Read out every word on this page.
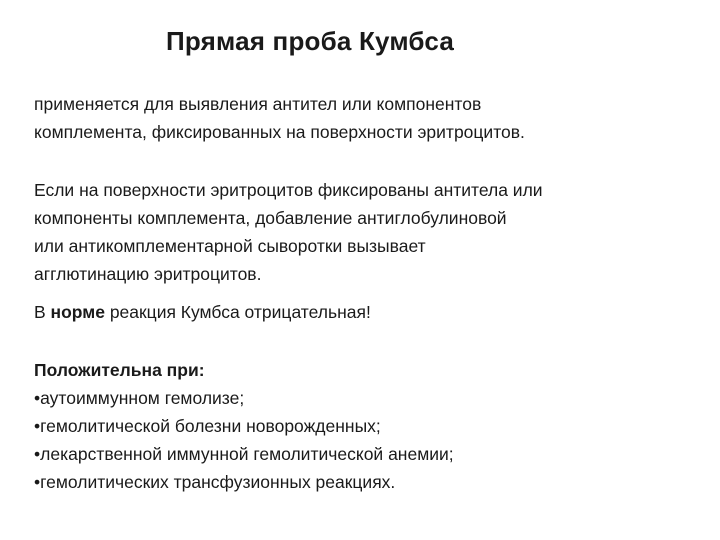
Прямая проба Кумбса
применяется для выявления антител или компонентов
комплемента, фиксированных на поверхности эритроцитов.
Если на поверхности эритроцитов фиксированы антитела или
компоненты комплемента, добавление антиглобулиновой
или антикомплементарной сыворотки вызывает
агглютинацию эритроцитов.
В норме реакция Кумбса отрицательная!
Положительна при:
•аутоиммунном гемолизе;
•гемолитической болезни новорожденных;
•лекарственной иммунной гемолитической анемии;
•гемолитических трансфузионных реакциях.
